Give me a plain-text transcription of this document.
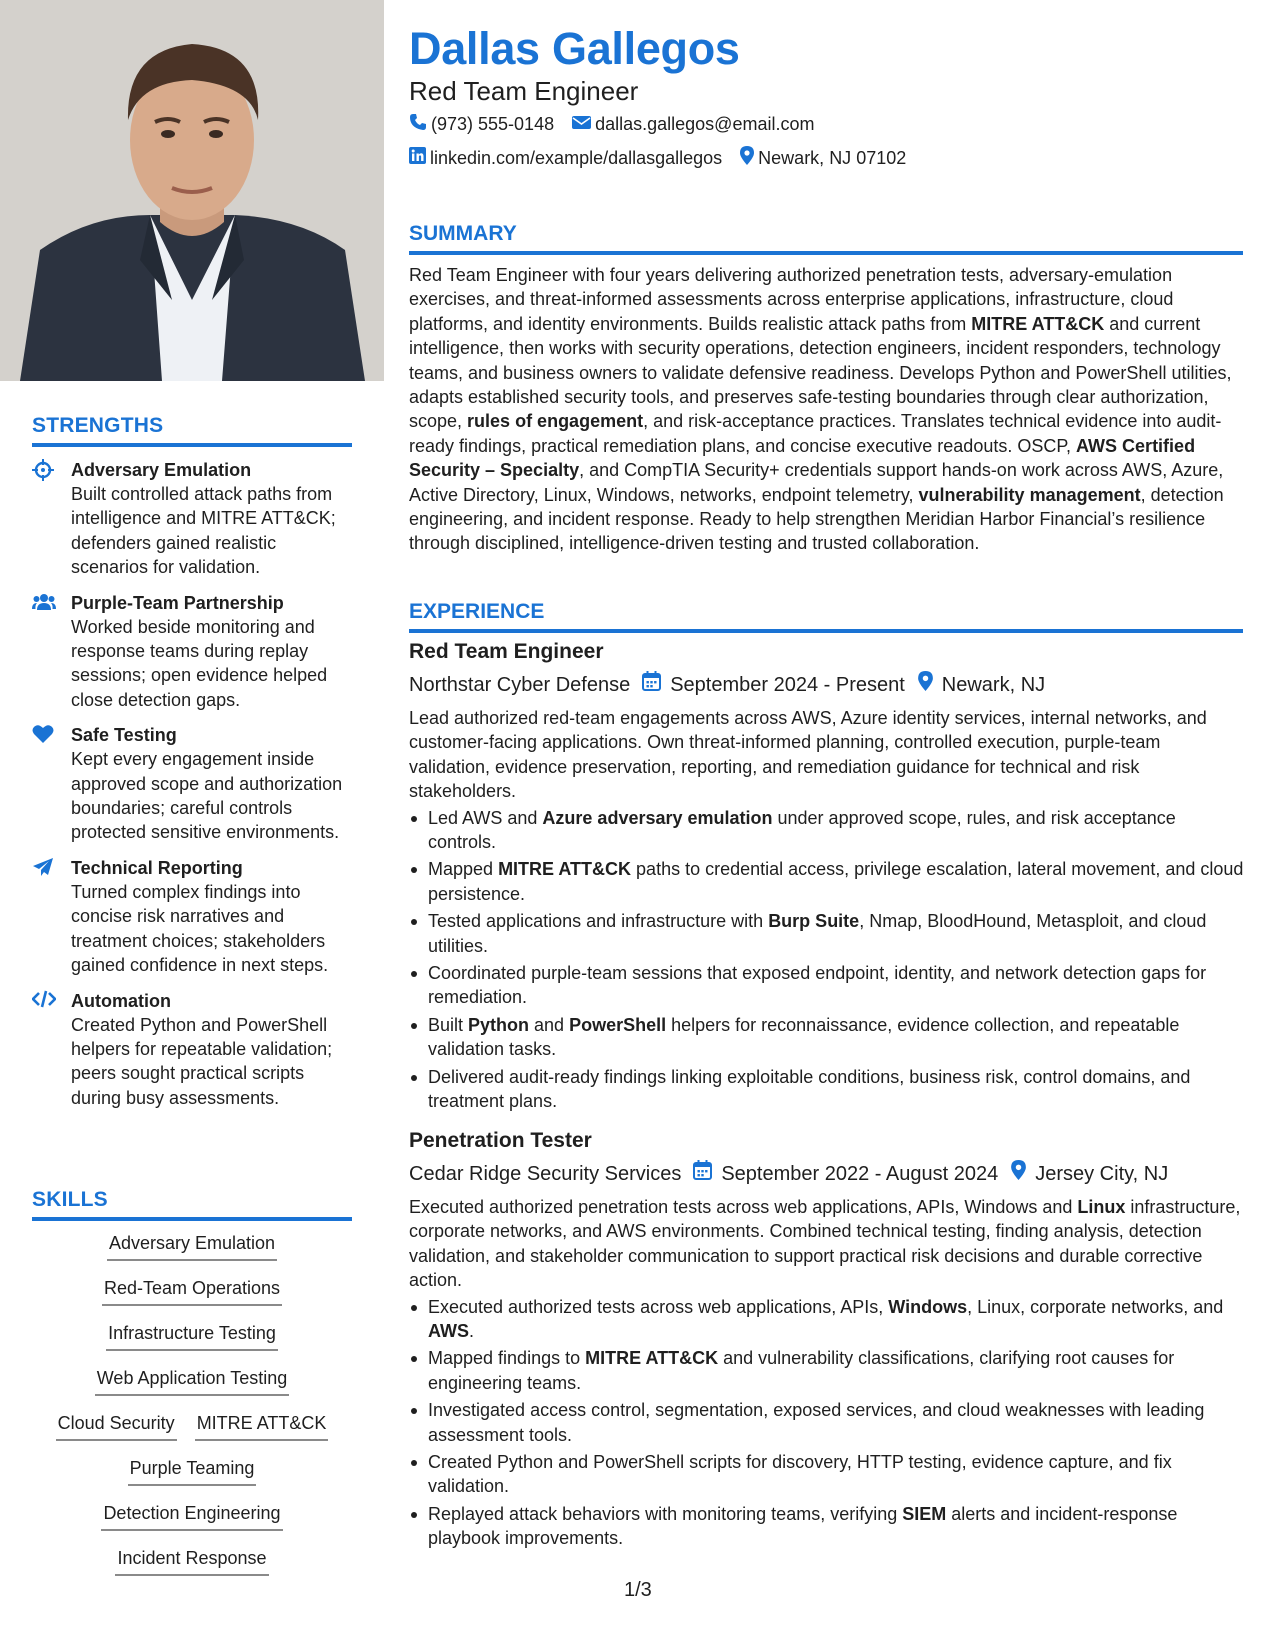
STRENGTHS
Adversary Emulation
Built controlled attack paths from intelligence and MITRE ATT&CK; defenders gained realistic scenarios for validation.
Purple-Team Partnership
Worked beside monitoring and response teams during replay sessions; open evidence helped close detection gaps.
Safe Testing
Kept every engagement inside approved scope and authorization boundaries; careful controls protected sensitive environments.
Technical Reporting
Turned complex findings into concise risk narratives and treatment choices; stakeholders gained confidence in next steps.
Automation
Created Python and PowerShell helpers for repeatable validation; peers sought practical scripts during busy assessments.
SKILLS
Adversary Emulation
Red-Team Operations
Infrastructure Testing
Web Application Testing
Cloud Security MITRE ATT&CK
Purple Teaming
Detection Engineering
Incident Response
Dallas Gallegos
Red Team Engineer
(973) 555-0148 dallas.gallegos@email.com
linkedin.com/example/dallasgallegos Newark, NJ 07102
SUMMARY
Red Team Engineer with four years delivering authorized penetration tests, adversary-emulation exercises, and threat-informed assessments across enterprise applications, infrastructure, cloud platforms, and identity environments. Builds realistic attack paths from MITRE ATT&CK and current intelligence, then works with security operations, detection engineers, incident responders, technology teams, and business owners to validate defensive readiness. Develops Python and PowerShell utilities, adapts established security tools, and preserves safe-testing boundaries through clear authorization, scope, rules of engagement, and risk-acceptance practices. Translates technical evidence into audit-ready findings, practical remediation plans, and concise executive readouts. OSCP, AWS Certified Security – Specialty, and CompTIA Security+ credentials support hands-on work across AWS, Azure, Active Directory, Linux, Windows, networks, endpoint telemetry, vulnerability management, detection engineering, and incident response. Ready to help strengthen Meridian Harbor Financial’s resilience through disciplined, intelligence-driven testing and trusted collaboration.
EXPERIENCE
Red Team Engineer
Northstar Cyber Defense September 2024 - Present Newark, NJ
Lead authorized red-team engagements across AWS, Azure identity services, internal networks, and customer-facing applications. Own threat-informed planning, controlled execution, purple-team validation, evidence preservation, reporting, and remediation guidance for technical and risk stakeholders.
Led AWS and Azure adversary emulation under approved scope, rules, and risk acceptance controls.
Mapped MITRE ATT&CK paths to credential access, privilege escalation, lateral movement, and cloud persistence.
Tested applications and infrastructure with Burp Suite, Nmap, BloodHound, Metasploit, and cloud utilities.
Coordinated purple-team sessions that exposed endpoint, identity, and network detection gaps for remediation.
Built Python and PowerShell helpers for reconnaissance, evidence collection, and repeatable validation tasks.
Delivered audit-ready findings linking exploitable conditions, business risk, control domains, and treatment plans.
Penetration Tester
Cedar Ridge Security Services September 2022 - August 2024 Jersey City, NJ
Executed authorized penetration tests across web applications, APIs, Windows and Linux infrastructure, corporate networks, and AWS environments. Combined technical testing, finding analysis, detection validation, and stakeholder communication to support practical risk decisions and durable corrective action.
Executed authorized tests across web applications, APIs, Windows, Linux, corporate networks, and AWS.
Mapped findings to MITRE ATT&CK and vulnerability classifications, clarifying root causes for engineering teams.
Investigated access control, segmentation, exposed services, and cloud weaknesses with leading assessment tools.
Created Python and PowerShell scripts for discovery, HTTP testing, evidence capture, and fix validation.
Replayed attack behaviors with monitoring teams, verifying SIEM alerts and incident-response playbook improvements.
1/3
